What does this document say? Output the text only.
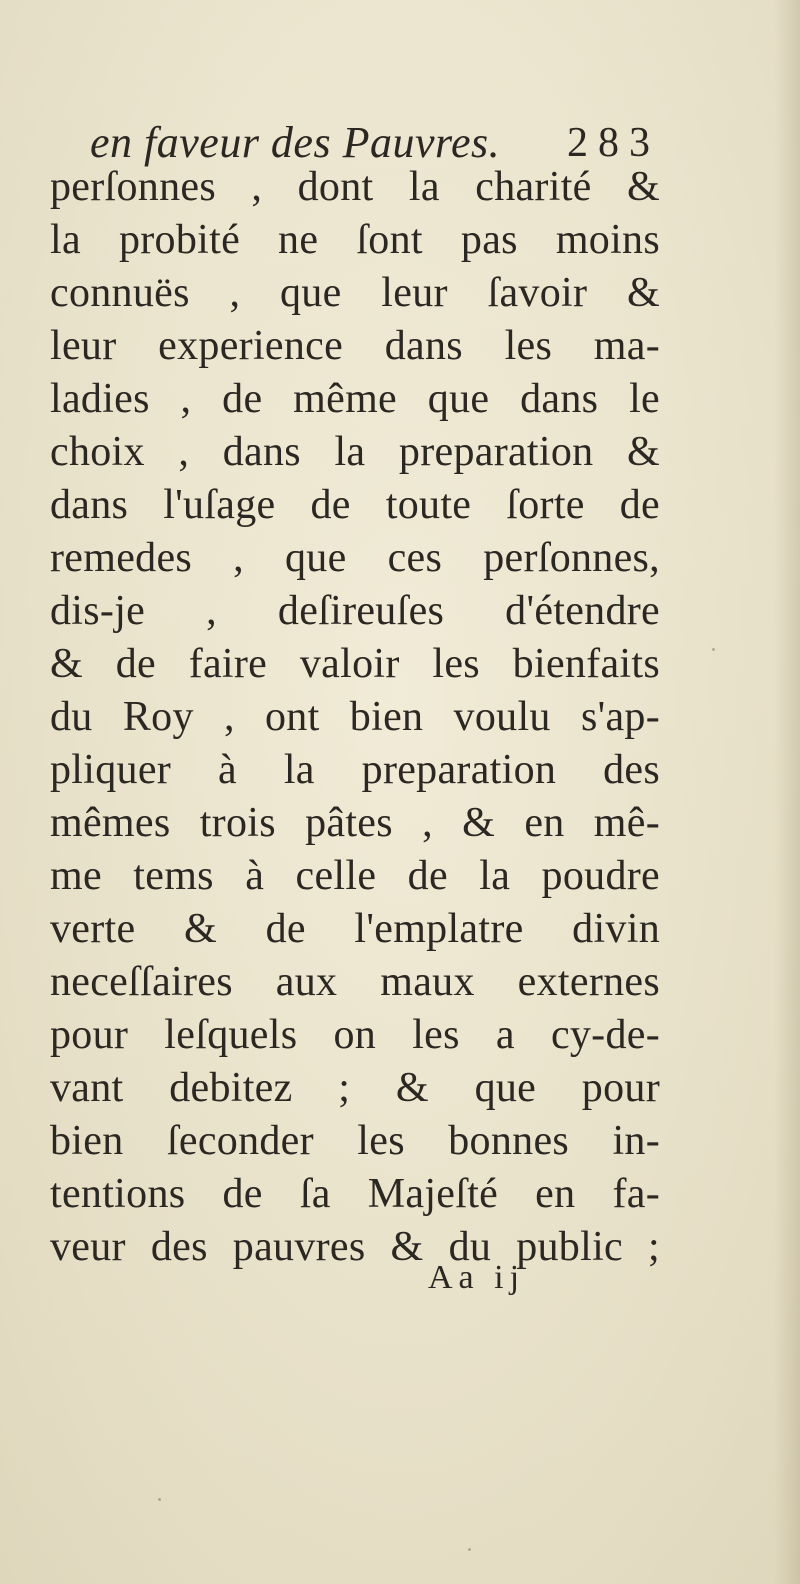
en faveur des Pauvres. 283
perſonnes , dont la charité &
la probité ne ſont pas moins
connuës , que leur ſavoir &
leur experience dans les ma-
ladies , de même que dans le
choix , dans la preparation &
dans l'uſage de toute ſorte de
remedes , que ces perſonnes,
dis-je , deſireuſes d'étendre
& de faire valoir les bienfaits
du Roy , ont bien voulu s'ap-
pliquer à la preparation des
mêmes trois pâtes , & en mê-
me tems à celle de la poudre
verte & de l'emplatre divin
neceſſaires aux maux externes
pour leſquels on les a cy-de-
vant debitez ; & que pour
bien ſeconder les bonnes in-
tentions de ſa Majeſté en fa-
veur des pauvres & du public ;
Aa ij
